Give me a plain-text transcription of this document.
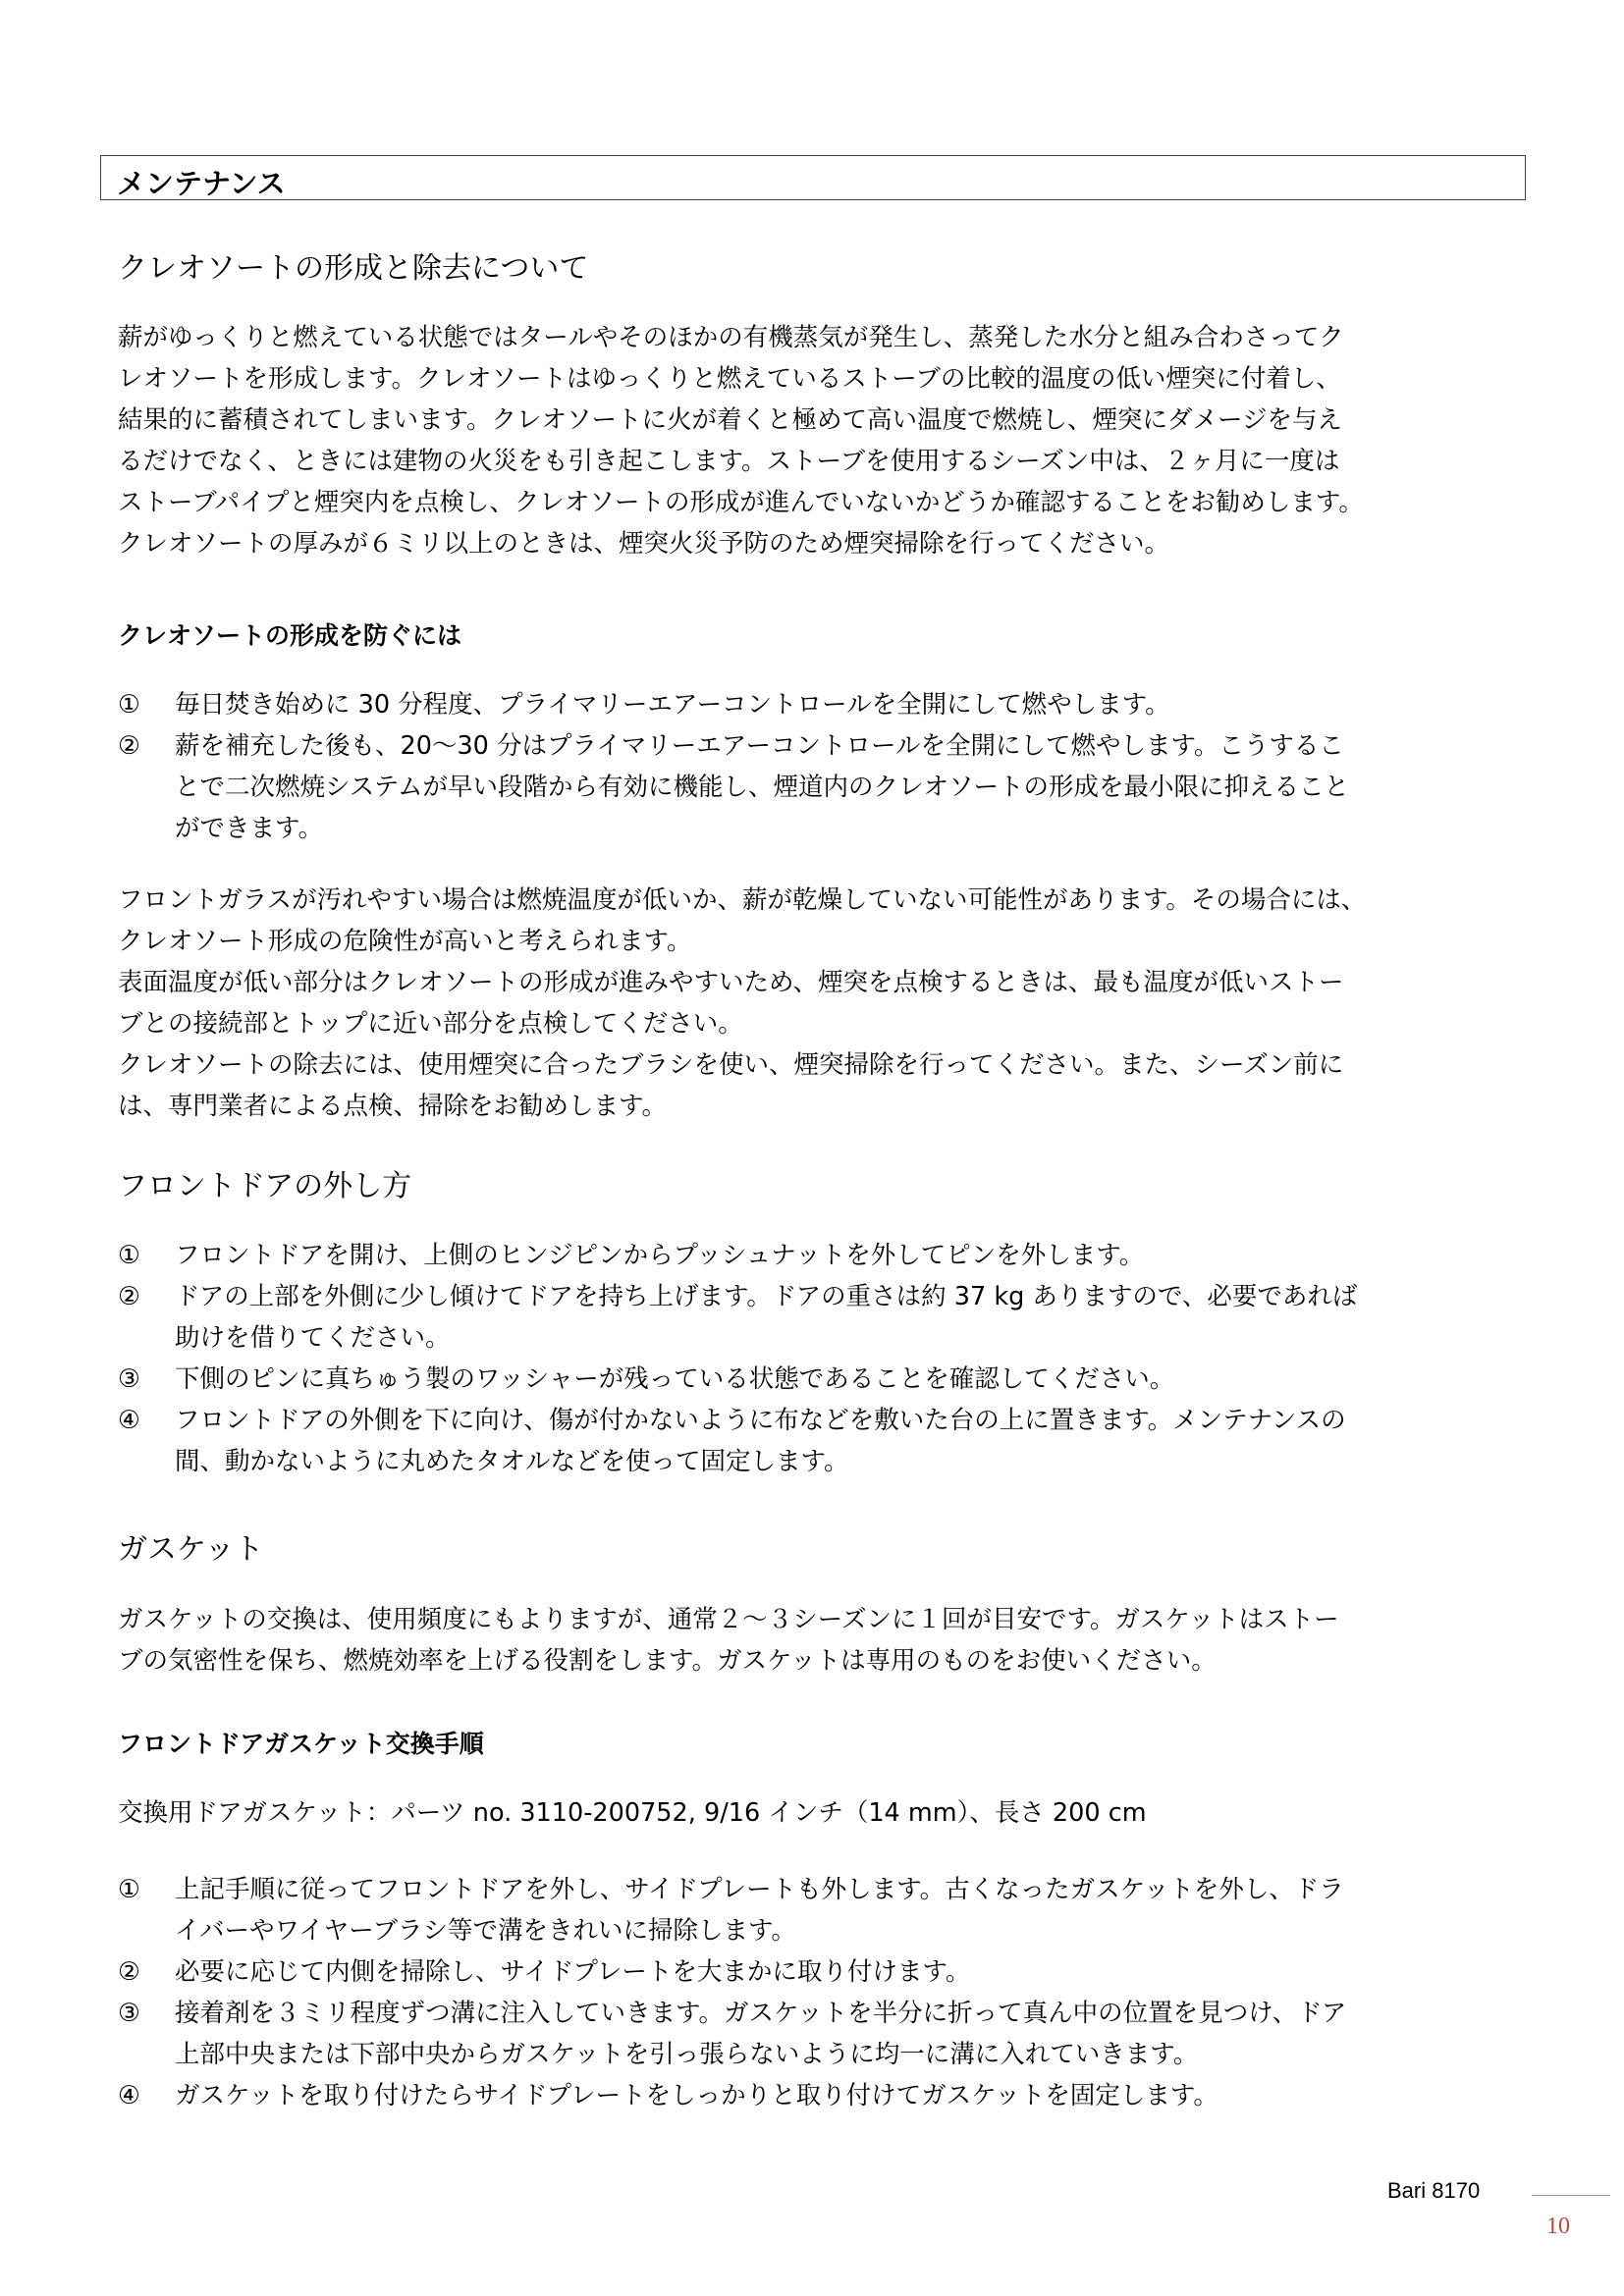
メンテナンス
クレオソートの形成と除去について
薪がゆっくりと燃えている状態ではタールやそのほかの有機蒸気が発生し、蒸発した水分と組み合わさってク
レオソートを形成します。クレオソートはゆっくりと燃えているストーブの比較的温度の低い煙突に付着し、
結果的に蓄積されてしまいます。クレオソートに火が着くと極めて高い温度で燃焼し、煙突にダメージを与え
るだけでなく、ときには建物の火災をも引き起こします。ストーブを使用するシーズン中は、２ヶ月に一度は
ストーブパイプと煙突内を点検し、クレオソートの形成が進んでいないかどうか確認することをお勧めします。
クレオソートの厚みが６ミリ以上のときは、煙突火災予防のため煙突掃除を行ってください。
クレオソートの形成を防ぐには
① 毎日焚き始めに 30 分程度、プライマリーエアーコントロールを全開にして燃やします。
② 薪を補充した後も、20〜30 分はプライマリーエアーコントロールを全開にして燃やします。こうするこ
とで二次燃焼システムが早い段階から有効に機能し、煙道内のクレオソートの形成を最小限に抑えること
ができます。
フロントガラスが汚れやすい場合は燃焼温度が低いか、薪が乾燥していない可能性があります。その場合には、
クレオソート形成の危険性が高いと考えられます。
表面温度が低い部分はクレオソートの形成が進みやすいため、煙突を点検するときは、最も温度が低いストー
ブとの接続部とトップに近い部分を点検してください。
クレオソートの除去には、使用煙突に合ったブラシを使い、煙突掃除を行ってください。また、シーズン前に
は、専門業者による点検、掃除をお勧めします。
フロントドアの外し方
① フロントドアを開け、上側のヒンジピンからプッシュナットを外してピンを外します。
② ドアの上部を外側に少し傾けてドアを持ち上げます。ドアの重さは約 37 kg ありますので、必要であれば
助けを借りてください。
③ 下側のピンに真ちゅう製のワッシャーが残っている状態であることを確認してください。
④ フロントドアの外側を下に向け、傷が付かないように布などを敷いた台の上に置きます。メンテナンスの
間、動かないように丸めたタオルなどを使って固定します。
ガスケット
ガスケットの交換は、使用頻度にもよりますが、通常２～３シーズンに１回が目安です。ガスケットはストー
ブの気密性を保ち、燃焼効率を上げる役割をします。ガスケットは専用のものをお使いください。
フロントドアガスケット交換手順
交換用ドアガスケット：パーツ no. 3110-200752, 9/16 インチ（14 mm）、長さ 200 cm
① 上記手順に従ってフロントドアを外し、サイドプレートも外します。古くなったガスケットを外し、ドラ
イバーやワイヤーブラシ等で溝をきれいに掃除します。
② 必要に応じて内側を掃除し、サイドプレートを大まかに取り付けます。
③ 接着剤を３ミリ程度ずつ溝に注入していきます。ガスケットを半分に折って真ん中の位置を見つけ、ドア
上部中央または下部中央からガスケットを引っ張らないように均一に溝に入れていきます。
④ ガスケットを取り付けたらサイドプレートをしっかりと取り付けてガスケットを固定します。
Bari 8170
10
